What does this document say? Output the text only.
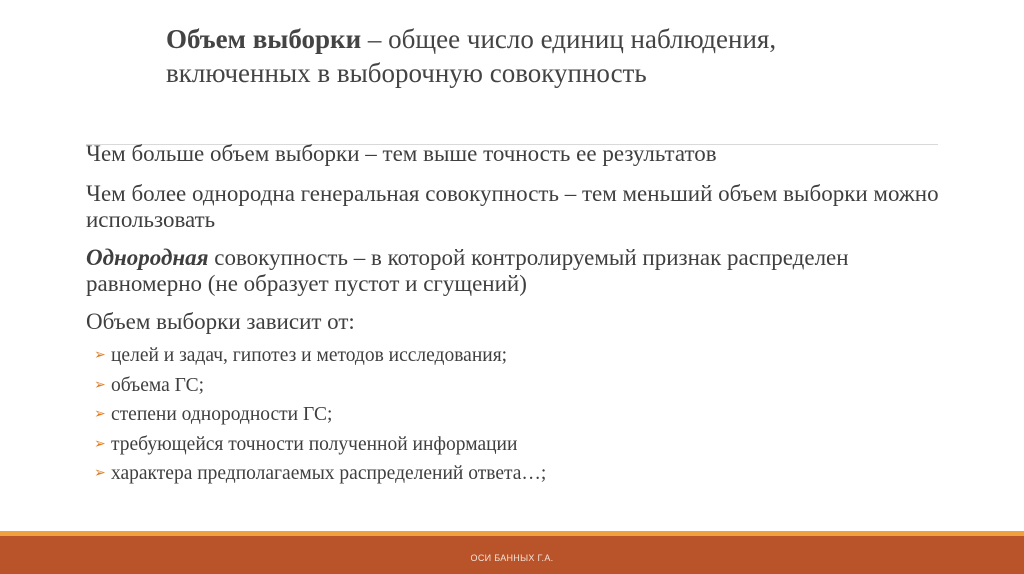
Объем выборки – общее число единиц наблюдения, включенных в выборочную совокупность

Чем больше объем выборки – тем выше точность ее результатов

Чем более однородна генеральная совокупность – тем меньший объем выборки можно использовать

Однородная совокупность – в которой контролируемый признак распределен равномерно (не образует пустот и сгущений)

Объем выборки зависит от:

➢ целей и задач, гипотез и методов исследования;
➢ объема ГС;
➢ степени однородности ГС;
➢ требующейся точности полученной информации
➢ характера предполагаемых распределений ответа…;
ОСИ БАННЫХ Г.А.
